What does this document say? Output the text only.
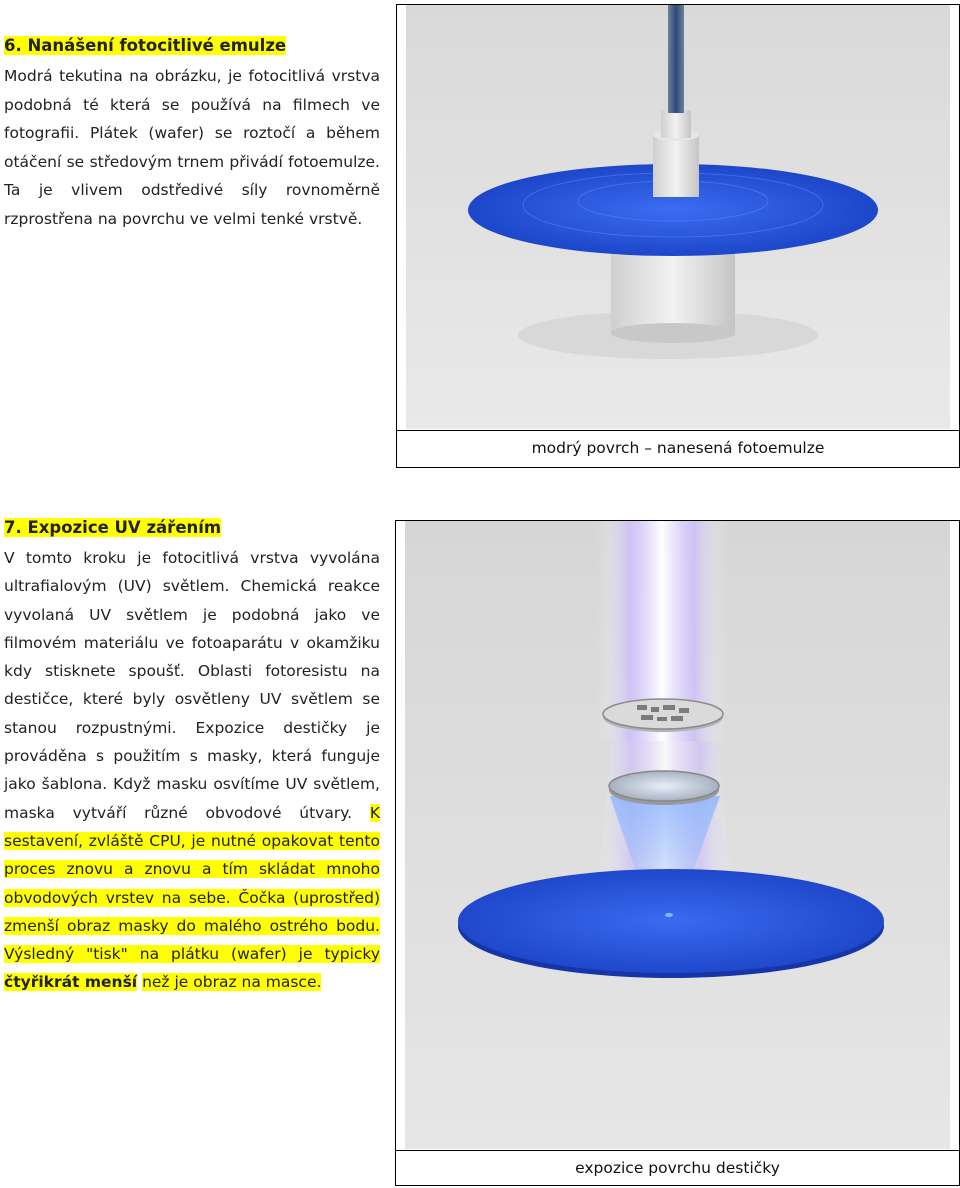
6. Nanášení fotocitlivé emulze

Modrá tekutina na obrázku, je fotocitlivá vrstva podobná té která se používá na filmech ve fotografii. Plátek (wafer) se roztočí a během otáčení se středovým trnem přivádí fotoemulze. Ta je vlivem odstředivé síly rovnoměrně rzprostřena na povrchu ve velmi tenké vrstvě.

modrý povrch – nanesená fotoemulze
7. Expozice UV zářením

V tomto kroku je fotocitlivá vrstva vyvolána ultrafialovým (UV) světlem. Chemická reakce vyvolaná UV světlem je podobná jako ve filmovém materiálu ve fotoaparátu v okamžiku kdy stisknete spoušť. Oblasti fotoresistu na destičce, které byly osvětleny UV světlem se stanou rozpustnými. Expozice destičky je prováděna s použitím s masky, která funguje jako šablona. Když masku osvítíme UV světlem, maska vytváří různé obvodové útvary. K sestavení, zvláště CPU, je nutné opakovat tento proces znovu a znovu a tím skládat mnoho obvodových vrstev na sebe. Čočka (uprostřed) zmenší obraz masky do malého ostrého bodu. Výsledný "tisk" na plátku (wafer) je typicky čtyřikrát menší než je obraz na masce.

expozice povrchu destičky
